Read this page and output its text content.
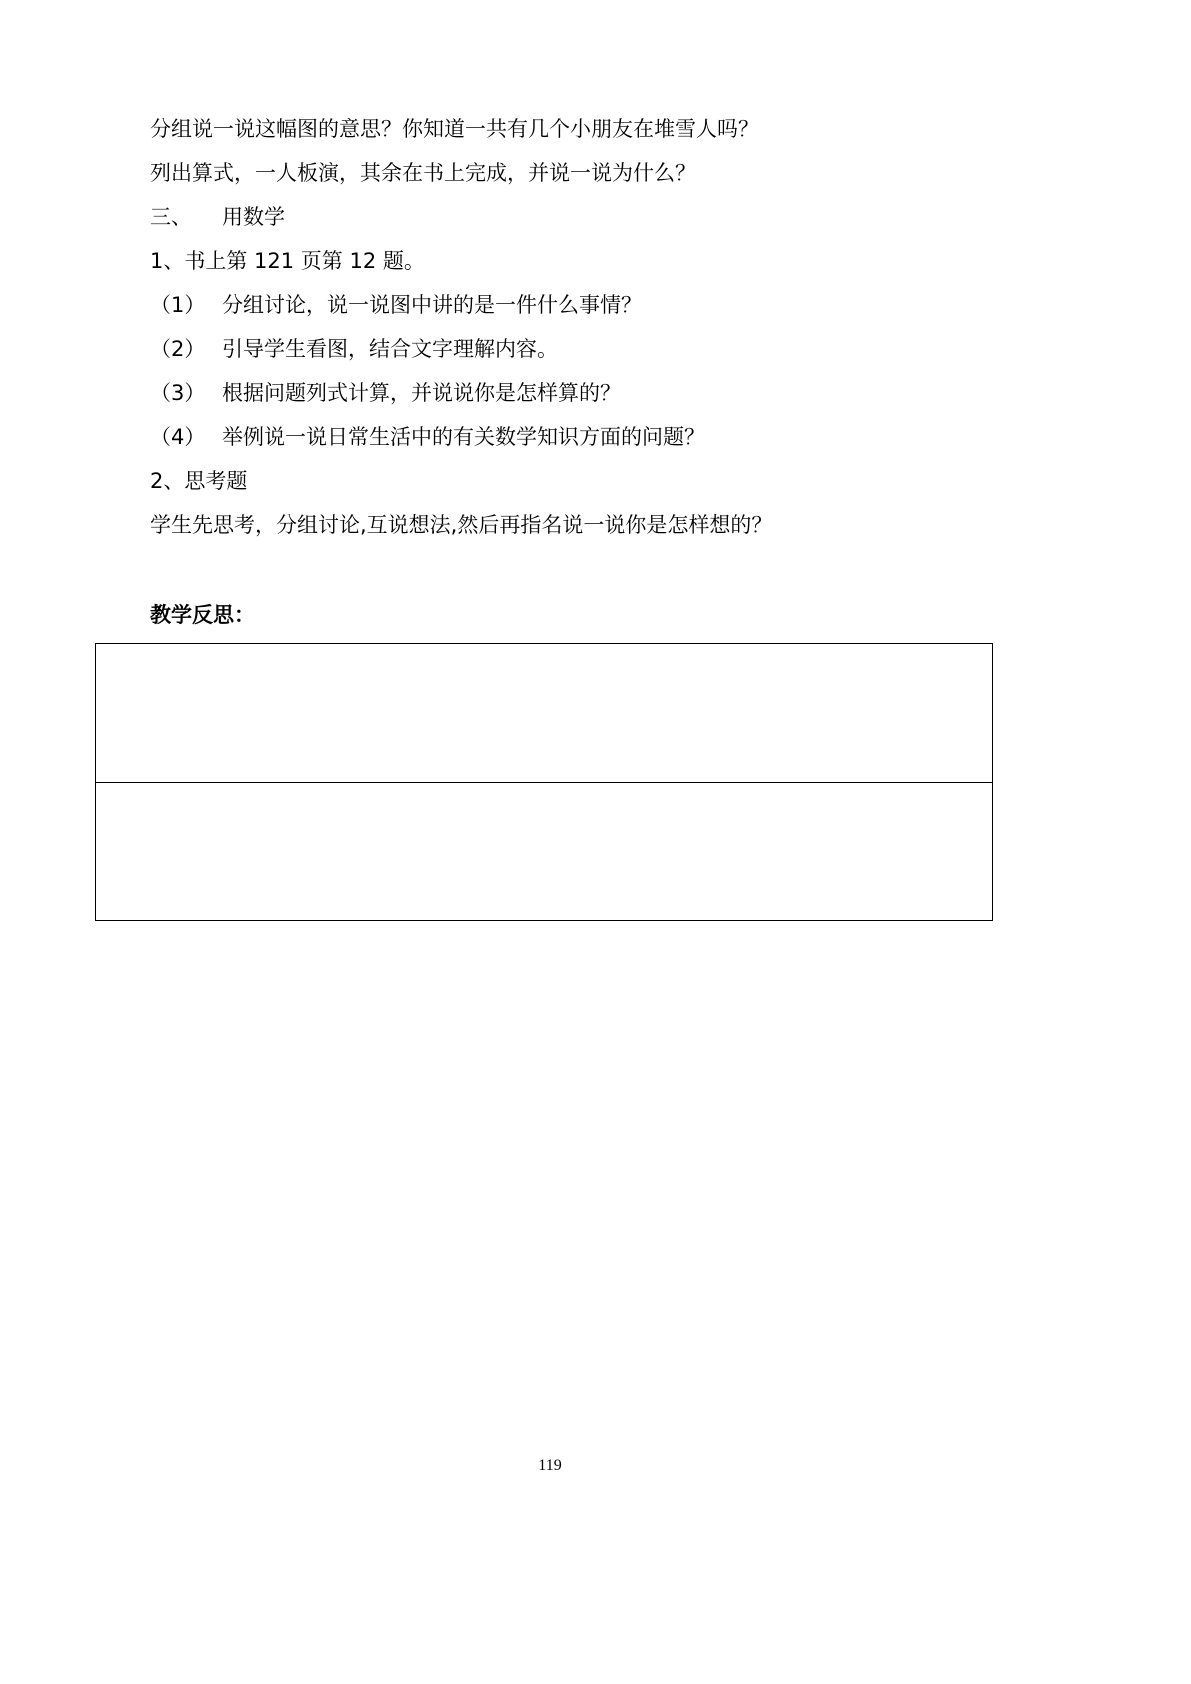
分组说一说这幅图的意思？你知道一共有几个小朋友在堆雪人吗？
列出算式，一人板演，其余在书上完成，并说一说为什么？
三、 用数学
1、书上第 121 页第 12 题。
（1） 分组讨论，说一说图中讲的是一件什么事情？
（2） 引导学生看图，结合文字理解内容。
（3） 根据问题列式计算，并说说你是怎样算的？
（4） 举例说一说日常生活中的有关数学知识方面的问题？
2、思考题
学生先思考，分组讨论,互说想法,然后再指名说一说你是怎样想的？
教学反思：
119
